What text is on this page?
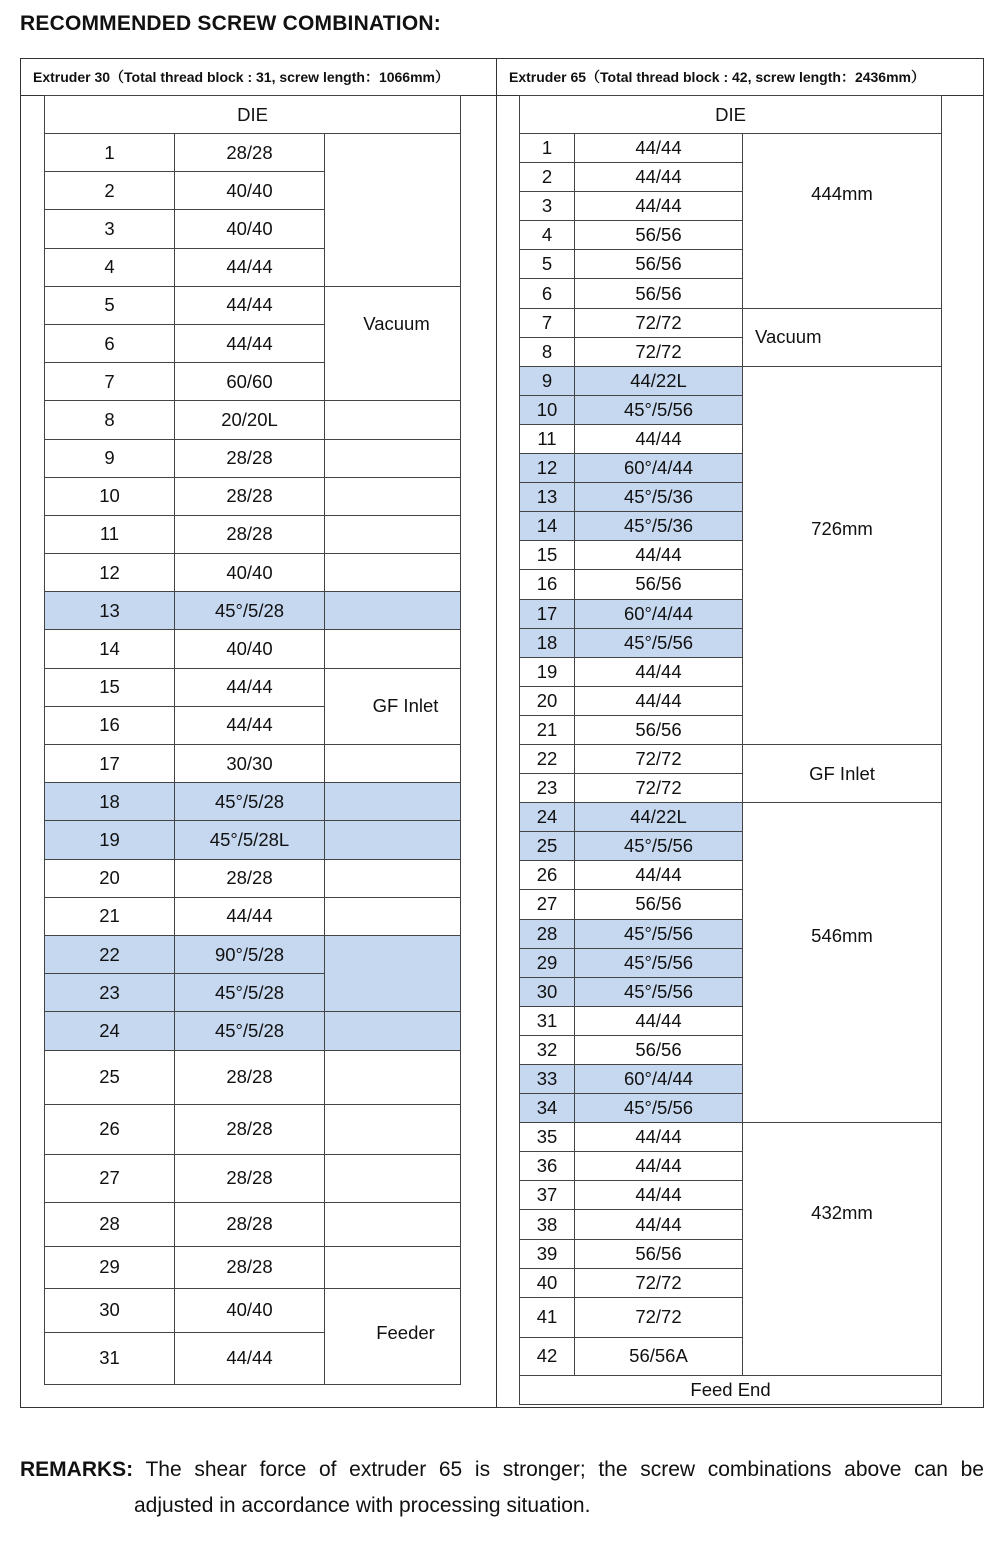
RECOMMENDED SCREW COMBINATION:
Extruder 30（Total thread block : 31, screw length：1066mm）	Extruder 65（Total thread block : 42, screw length：2436mm）
DIE		
1	28/28	
2	40/40	
3	40/40	
4	44/44	
5	44/44	Vacuum
6	44/44	
7	60/60	
8	20/20L	
9	28/28	
10	28/28	
11	28/28	
12	40/40	
13	45°/5/28	
14	40/40	
15	44/44	GF Inlet
16	44/44	
17	30/30	
18	45°/5/28	
19	45°/5/28L	
20	28/28	
21	44/44	
22	90°/5/28	
23	45°/5/28	
24	45°/5/28	
25	28/28	
26	28/28	
27	28/28	
28	28/28	
29	28/28	
30	40/40	Feeder
31	44/44	
DIE		
1	44/44	444mm
2	44/44	
3	44/44	
4	56/56	
5	56/56	
6	56/56	
7	72/72	Vacuum
8	72/72	
9	44/22L	726mm
10	45°/5/56	
11	44/44	
12	60°/4/44	
13	45°/5/36	
14	45°/5/36	
15	44/44	
16	56/56	
17	60°/4/44	
18	45°/5/56	
19	44/44	
20	44/44	
21	56/56	
22	72/72	GF Inlet
23	72/72	
24	44/22L	546mm
25	45°/5/56	
26	44/44	
27	56/56	
28	45°/5/56	
29	45°/5/56	
30	45°/5/56	
31	44/44	
32	56/56	
33	60°/4/44	
34	45°/5/56	
35	44/44	432mm
36	44/44	
37	44/44	
38	44/44	
39	56/56	
40	72/72	
41	72/72	
42	56/56A	
Feed End		
REMARKS: The shear force of extruder 65 is stronger; the screw combinations above can be
adjusted in accordance with processing situation.
